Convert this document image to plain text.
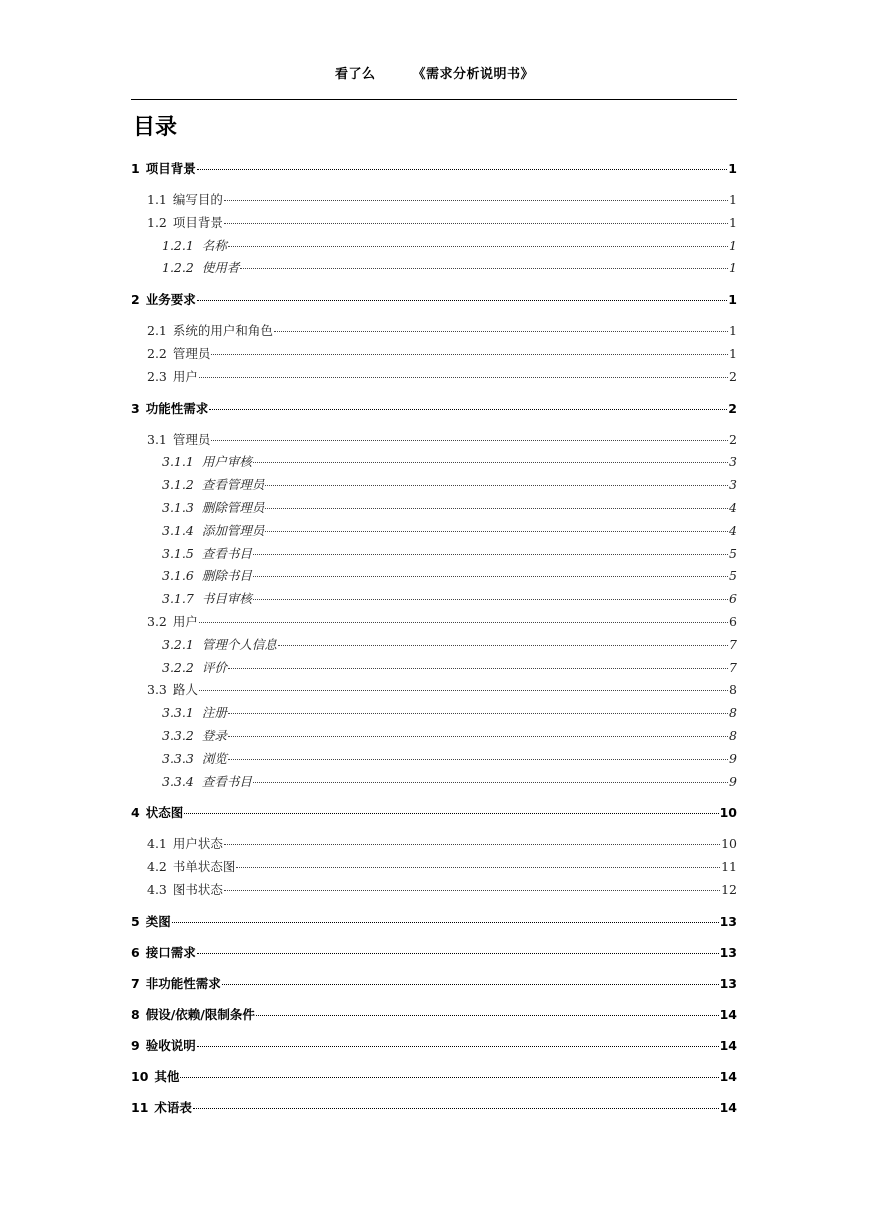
看了么	《需求分析说明书》
目录
1 项目背景	1
1.1 编写目的	1
1.2 项目背景	1
1.2.1 名称	1
1.2.2 使用者	1
2 业务要求	1
2.1 系统的用户和角色	1
2.2 管理员	1
2.3 用户	2
3 功能性需求	2
3.1 管理员	2
3.1.1 用户审核	3
3.1.2 查看管理员	3
3.1.3 删除管理员	4
3.1.4 添加管理员	4
3.1.5 查看书目	5
3.1.6 删除书目	5
3.1.7 书目审核	6
3.2 用户	6
3.2.1 管理个人信息	7
3.2.2 评价	7
3.3 路人	8
3.3.1 注册	8
3.3.2 登录	8
3.3.3 浏览	9
3.3.4 查看书目	9
4 状态图	10
4.1 用户状态	10
4.2 书单状态图	11
4.3 图书状态	12
5 类图	13
6 接口需求	13
7 非功能性需求	13
8 假设/依赖/限制条件	14
9 验收说明	14
10 其他	14
11 术语表	14
